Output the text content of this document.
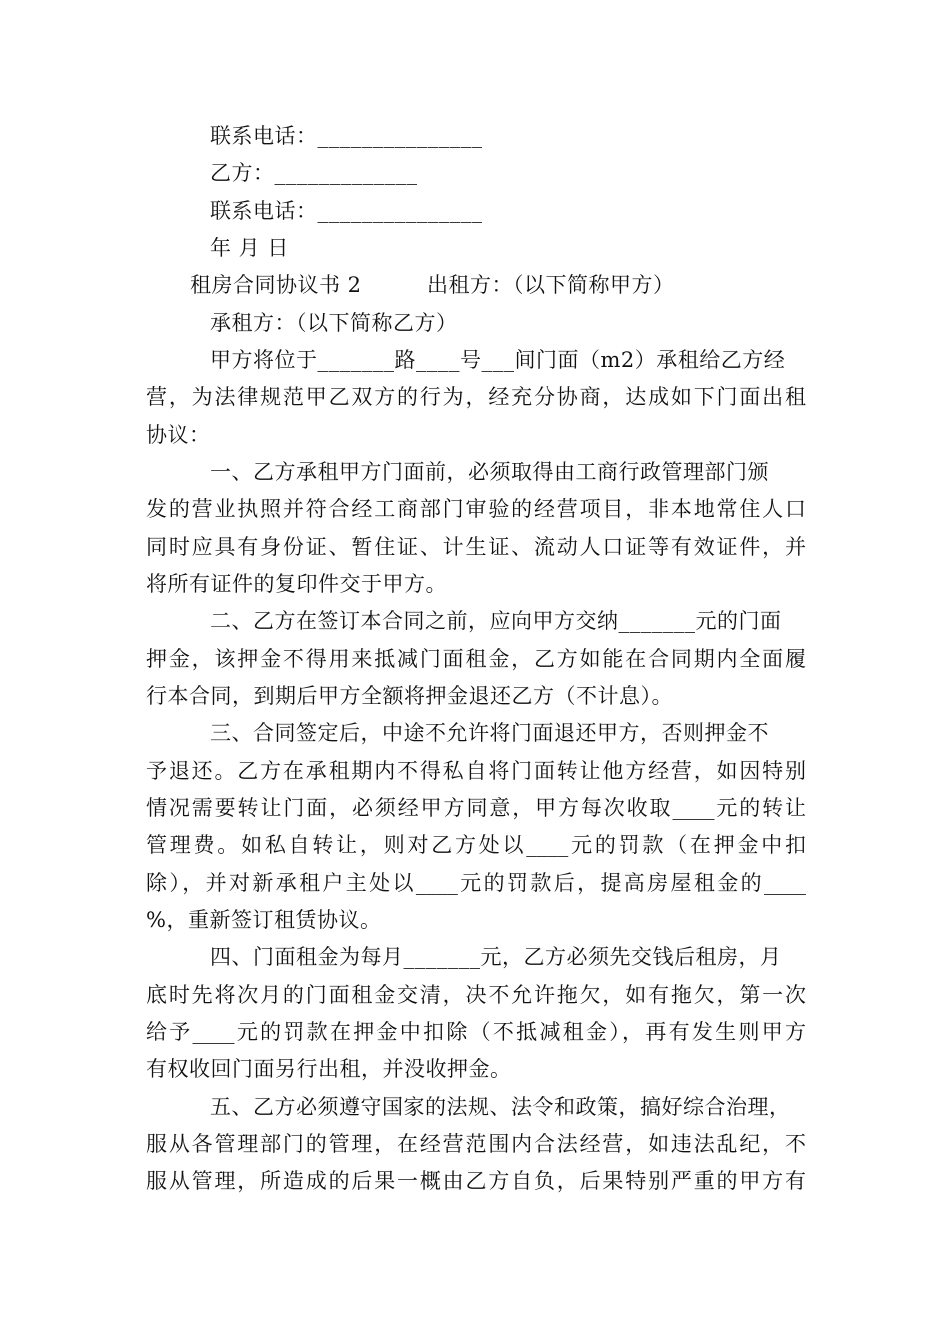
联系电话：_______________
乙方：_____________
联系电话：_______________
年 月 日
租房合同协议书 2	出租方：（以下简称甲方）
承租方：（以下简称乙方）
甲方将位于_______路____号___间门面（m2）承租给乙方经
营，为法律规范甲乙双方的行为，经充分协商，达成如下门面出租
协议：
一、乙方承租甲方门面前，必须取得由工商行政管理部门颁
发的营业执照并符合经工商部门审验的经营项目，非本地常住人口
同时应具有身份证、暂住证、计生证、流动人口证等有效证件，并
将所有证件的复印件交于甲方。
二、乙方在签订本合同之前，应向甲方交纳_______元的门面
押金，该押金不得用来抵减门面租金，乙方如能在合同期内全面履
行本合同，到期后甲方全额将押金退还乙方（不计息）。
三、合同签定后，中途不允许将门面退还甲方，否则押金不
予退还。乙方在承租期内不得私自将门面转让他方经营，如因特别
情况需要转让门面，必须经甲方同意，甲方每次收取____元的转让
管理费。如私自转让，则对乙方处以____元的罚款（在押金中扣
除），并对新承租户主处以____元的罚款后，提高房屋租金的____
%，重新签订租赁协议。
四、门面租金为每月_______元，乙方必须先交钱后租房，月
底时先将次月的门面租金交清，决不允许拖欠，如有拖欠，第一次
给予____元的罚款在押金中扣除（不抵减租金），再有发生则甲方
有权收回门面另行出租，并没收押金。
五、乙方必须遵守国家的法规、法令和政策，搞好综合治理，
服从各管理部门的管理，在经营范围内合法经营，如违法乱纪，不
服从管理，所造成的后果一概由乙方自负，后果特别严重的甲方有
